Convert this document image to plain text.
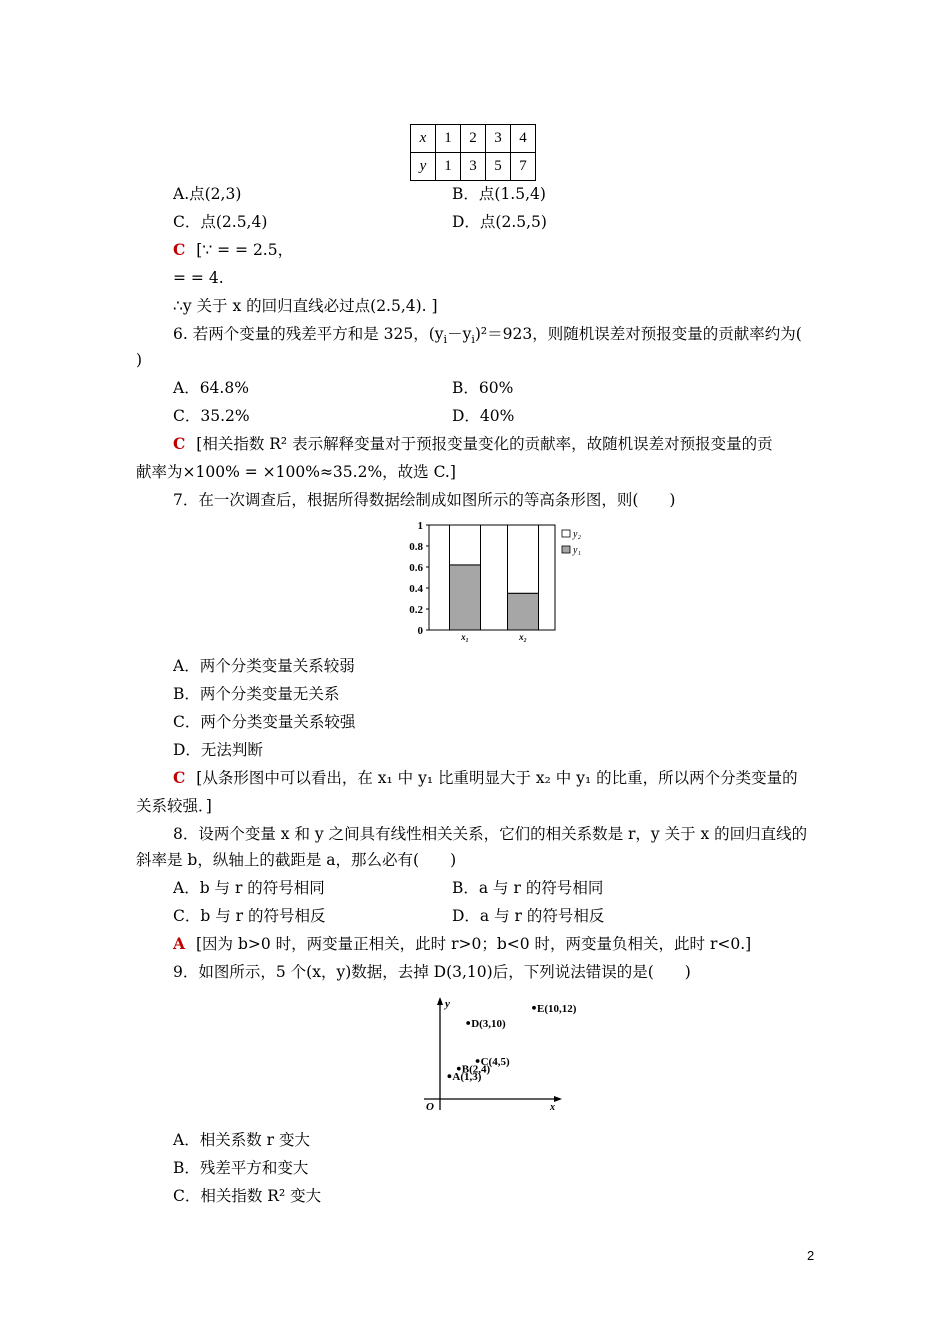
x	1	2	3	4
y	1	3	5	7
A.点(2,3)	B．点(1.5,4)
C．点(2.5,4)	D．点(2.5,5)
C [∵ = = 2.5，
= = 4.
∴y 关于 x 的回归直线必过点(2.5,4). ]
6. 若两个变量的残差平方和是 325，$(y_i-y_i)^2=923$，则随机误差对预报变量的贡献率约为(
)
A．64.8%	B．60%
C．35.2%	D．40%
C [相关指数 R² 表示解释变量对于预报变量变化的贡献率，故随机误差对预报变量的贡
献率为×100% = ×100%≈35.2%，故选 C.]
7．在一次调查后，根据所得数据绘制成如图所示的等高条形图，则(　　)
0
0.2
0.4
0.6
0.8
1
x₁	x₂
y₂
y₁
A．两个分类变量关系较弱
B．两个分类变量无关系
C．两个分类变量关系较强
D．无法判断
C [从条形图中可以看出，在 x₁ 中 y₁ 比重明显大于 x₂ 中 y₁ 的比重，所以两个分类变量的
关系较强．]
8．设两个变量 x 和 y 之间具有线性相关关系，它们的相关系数是 r，y 关于 x 的回归直线的
斜率是 b，纵轴上的截距是 a，那么必有(　　)
A．b 与 r 的符号相同	B．a 与 r 的符号相同
C．b 与 r 的符号相反	D．a 与 r 的符号相反
A [因为 b>0 时，两变量正相关，此时 r>0；b<0 时，两变量负相关，此时 r<0.]
9．如图所示，5 个(x，y)数据，去掉 D(3,10)后，下列说法错误的是(　　)
y
x
O
A(1,3)
B(2,4)
C(4,5)
D(3,10)
E(10,12)
A．相关系数 r 变大
B．残差平方和变大
C．相关指数 R² 变大
2
